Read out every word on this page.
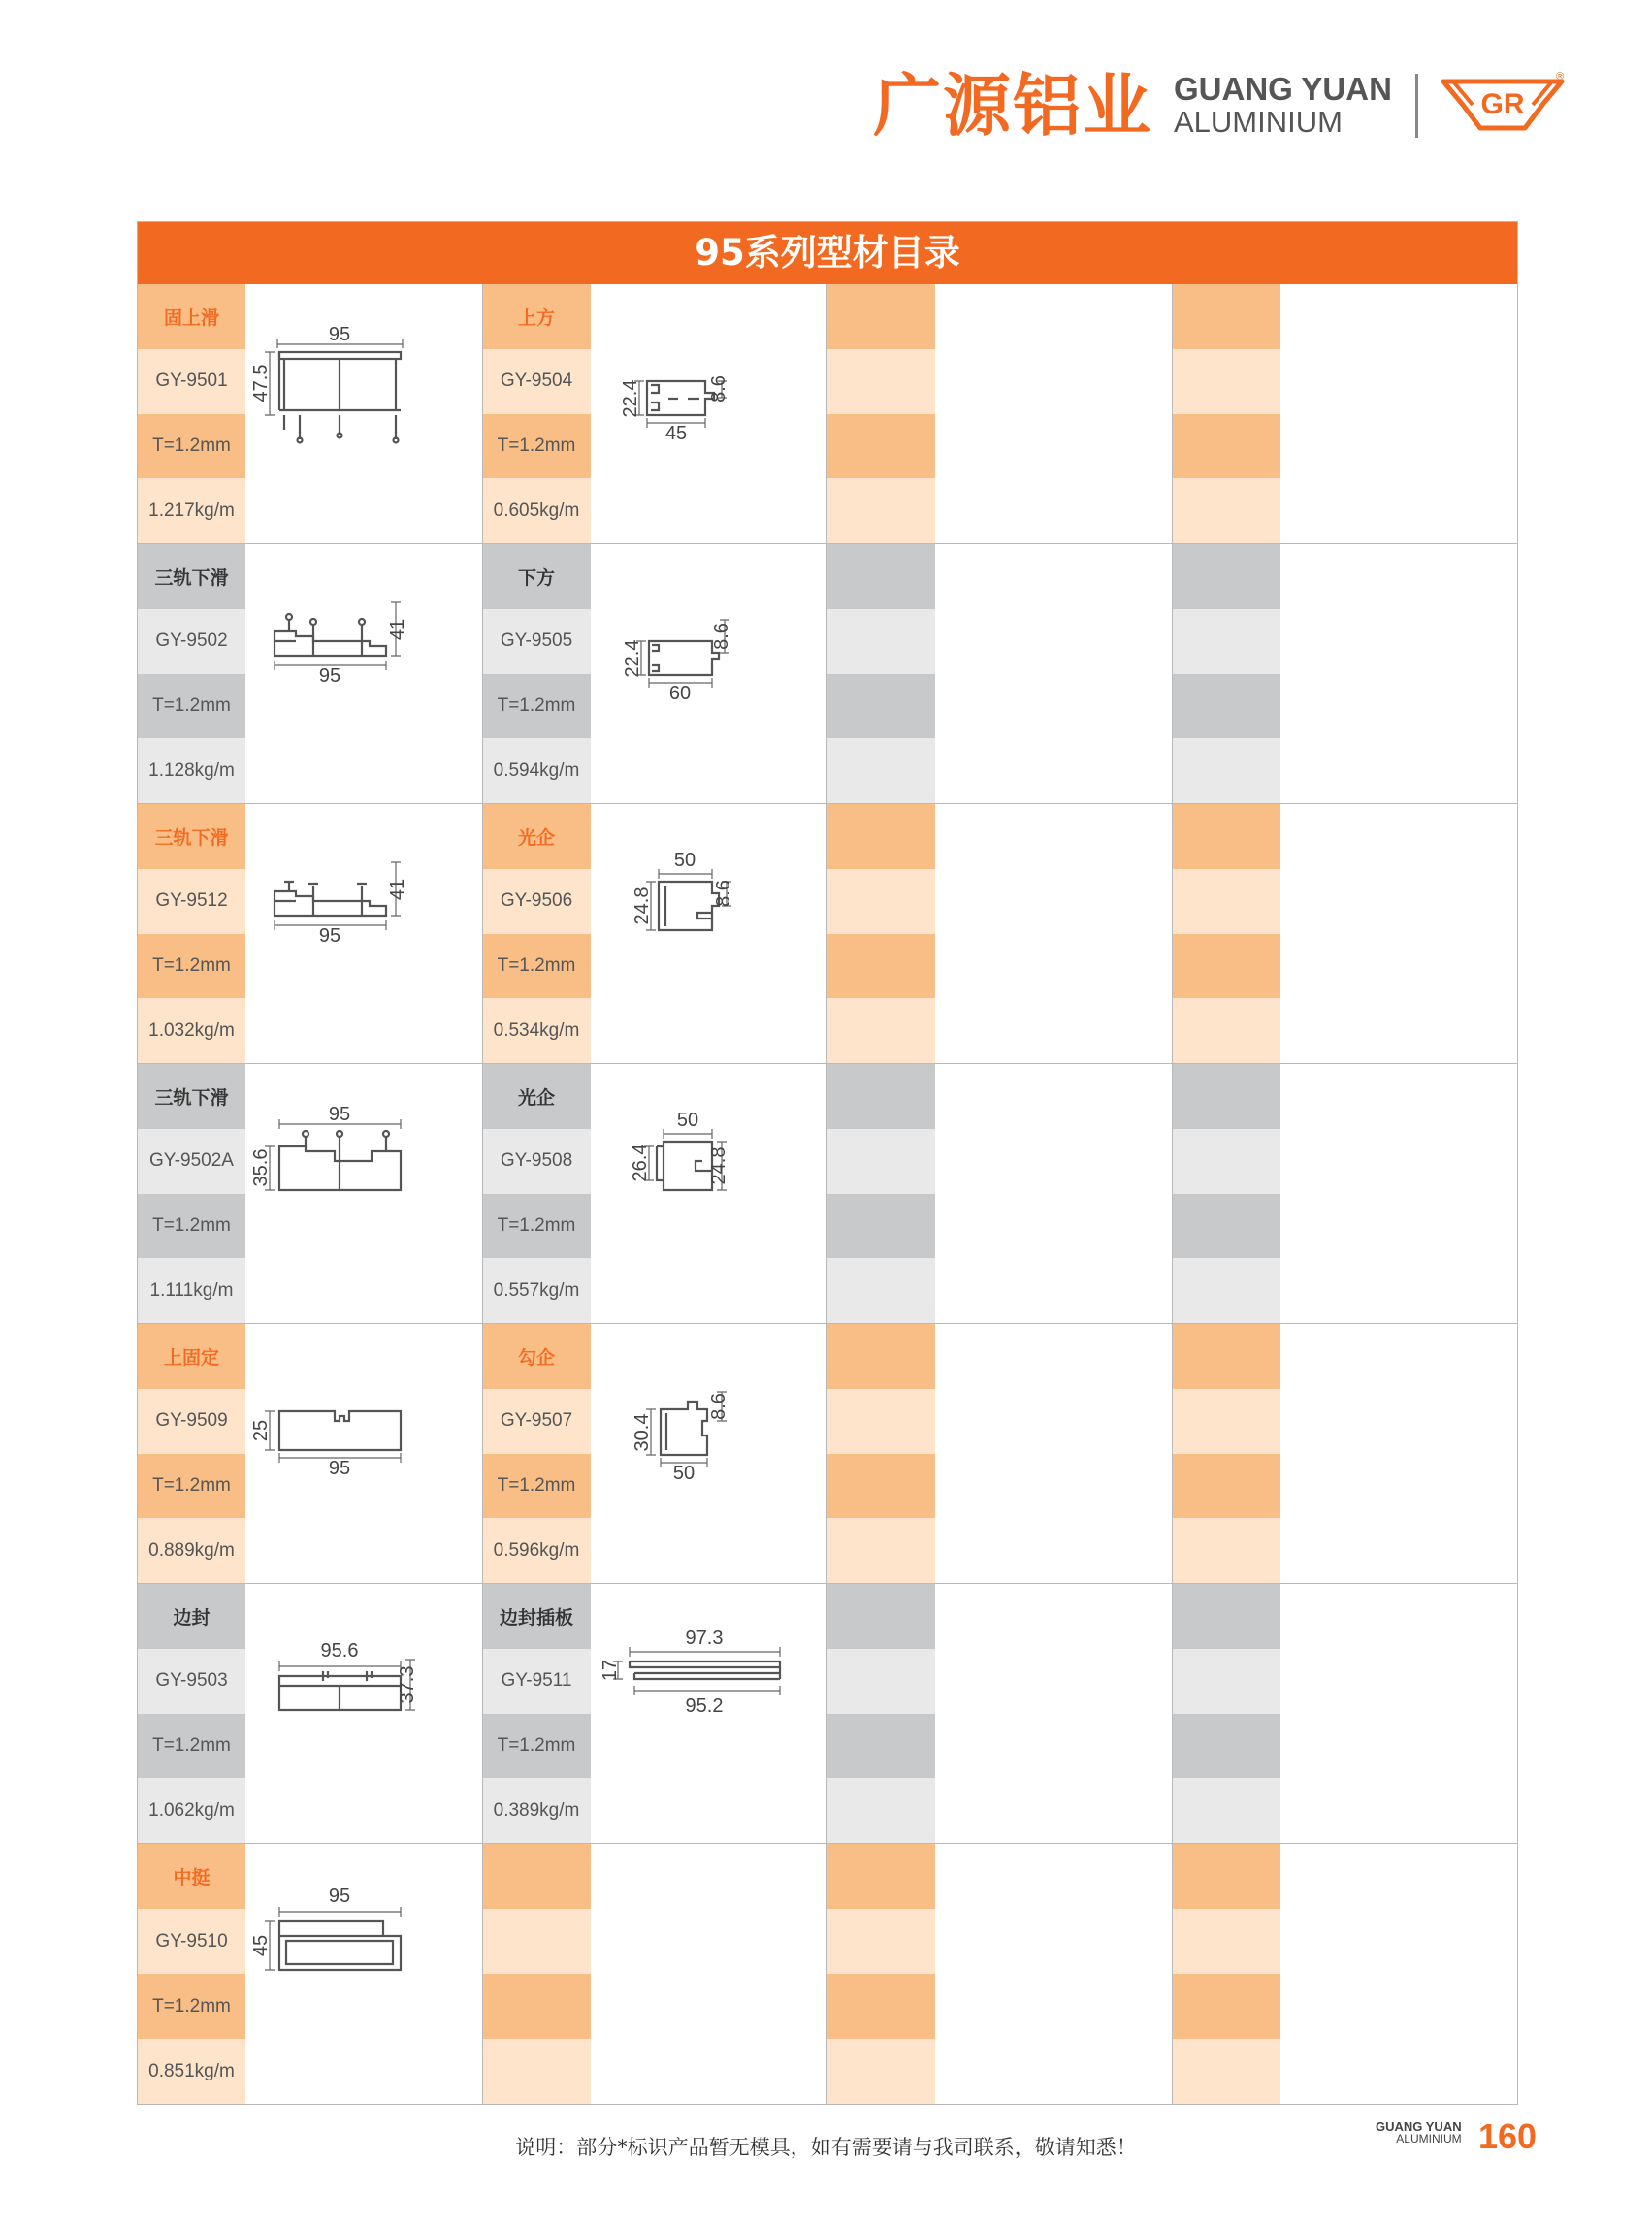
广源铝业 GUANG YUAN
ALUMINIUM
GR
®
95系列型材目录
固上滑
GY-9501
T=1.2mm
1.217kg/m
95
47.5
上方
GY-9504
T=1.2mm
0.605kg/m
22.4	8.6
45
三轨下滑
GY-9502
T=1.2mm
1.128kg/m
41
95
下方
GY-9505
T=1.2mm
0.594kg/m
22.4
8.6
60
三轨下滑
GY-9512
T=1.2mm
1.032kg/m
41
95
光企
GY-9506
T=1.2mm
0.534kg/m
50
24.8	8.6
三轨下滑
GY-9502A
T=1.2mm
1.111kg/m
95
35.6
光企
GY-9508
T=1.2mm
0.557kg/m
50
26.4	24.8
上固定
GY-9509
T=1.2mm
0.889kg/m
25
95
勾企
GY-9507
T=1.2mm
0.596kg/m
30.4
8.6
50
边封
GY-9503
T=1.2mm
1.062kg/m
95.6
37.3
边封插板
GY-9511
T=1.2mm
0.389kg/m
97.3
17
95.2
中挺
GY-9510
T=1.2mm
0.851kg/m
95
45
说明：部分*标识产品暂无模具，如有需要请与我司联系，敬请知悉！
GUANG YUAN
ALUMINIUM 160
